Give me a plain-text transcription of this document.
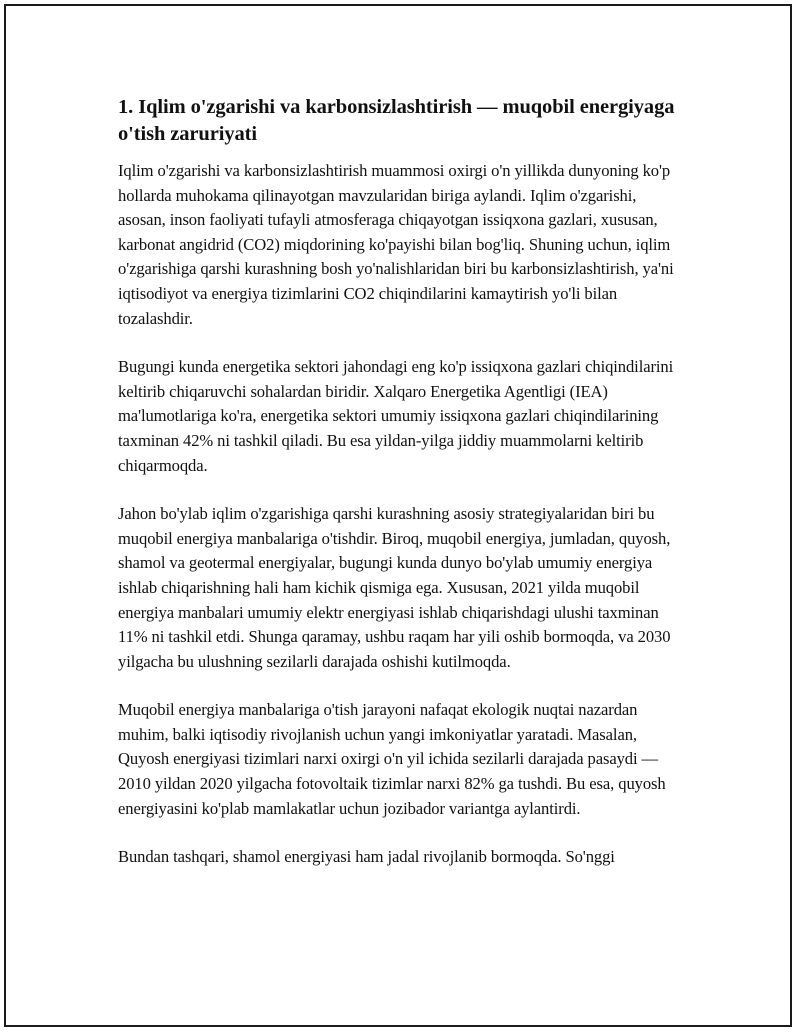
1. Iqlim o'zgarishi va karbonsizlashtirish — muqobil energiyaga o'tish zaruriyati

Iqlim o'zgarishi va karbonsizlashtirish muammosi oxirgi o'n yillikda dunyoning ko'p hollarda muhokama qilinayotgan mavzularidan biriga aylandi. Iqlim o'zgarishi, asosan, inson faoliyati tufayli atmosferaga chiqayotgan issiqxona gazlari, xususan, karbonat angidrid (CO2) miqdorining ko'payishi bilan bog'liq. Shuning uchun, iqlim o'zgarishiga qarshi kurashning bosh yo'nalishlaridan biri bu karbonsizlashtirish, ya'ni iqtisodiyot va energiya tizimlarini CO2 chiqindilarini kamaytirish yo'li bilan tozalashdir.

Bugungi kunda energetika sektori jahondagi eng ko'p issiqxona gazlari chiqindilarini keltirib chiqaruvchi sohalardan biridir. Xalqaro Energetika Agentligi (IEA) ma'lumotlariga ko'ra, energetika sektori umumiy issiqxona gazlari chiqindilarining taxminan 42% ni tashkil qiladi. Bu esa yildan-yilga jiddiy muammolarni keltirib chiqarmoqda.

Jahon bo'ylab iqlim o'zgarishiga qarshi kurashning asosiy strategiyalaridan biri bu muqobil energiya manbalariga o'tishdir. Biroq, muqobil energiya, jumladan, quyosh, shamol va geotermal energiyalar, bugungi kunda dunyo bo'ylab umumiy energiya ishlab chiqarishning hali ham kichik qismiga ega. Xususan, 2021 yilda muqobil energiya manbalari umumiy elektr energiyasi ishlab chiqarishdagi ulushi taxminan 11% ni tashkil etdi. Shunga qaramay, ushbu raqam har yili oshib bormoqda, va 2030 yilgacha bu ulushning sezilarli darajada oshishi kutilmoqda.

Muqobil energiya manbalariga o'tish jarayoni nafaqat ekologik nuqtai nazardan muhim, balki iqtisodiy rivojlanish uchun yangi imkoniyatlar yaratadi. Masalan, Quyosh energiyasi tizimlari narxi oxirgi o'n yil ichida sezilarli darajada pasaydi — 2010 yildan 2020 yilgacha fotovoltaik tizimlar narxi 82% ga tushdi. Bu esa, quyosh energiyasini ko'plab mamlakatlar uchun jozibador variantga aylantirdi.

Bundan tashqari, shamol energiyasi ham jadal rivojlanib bormoqda. So'nggi
